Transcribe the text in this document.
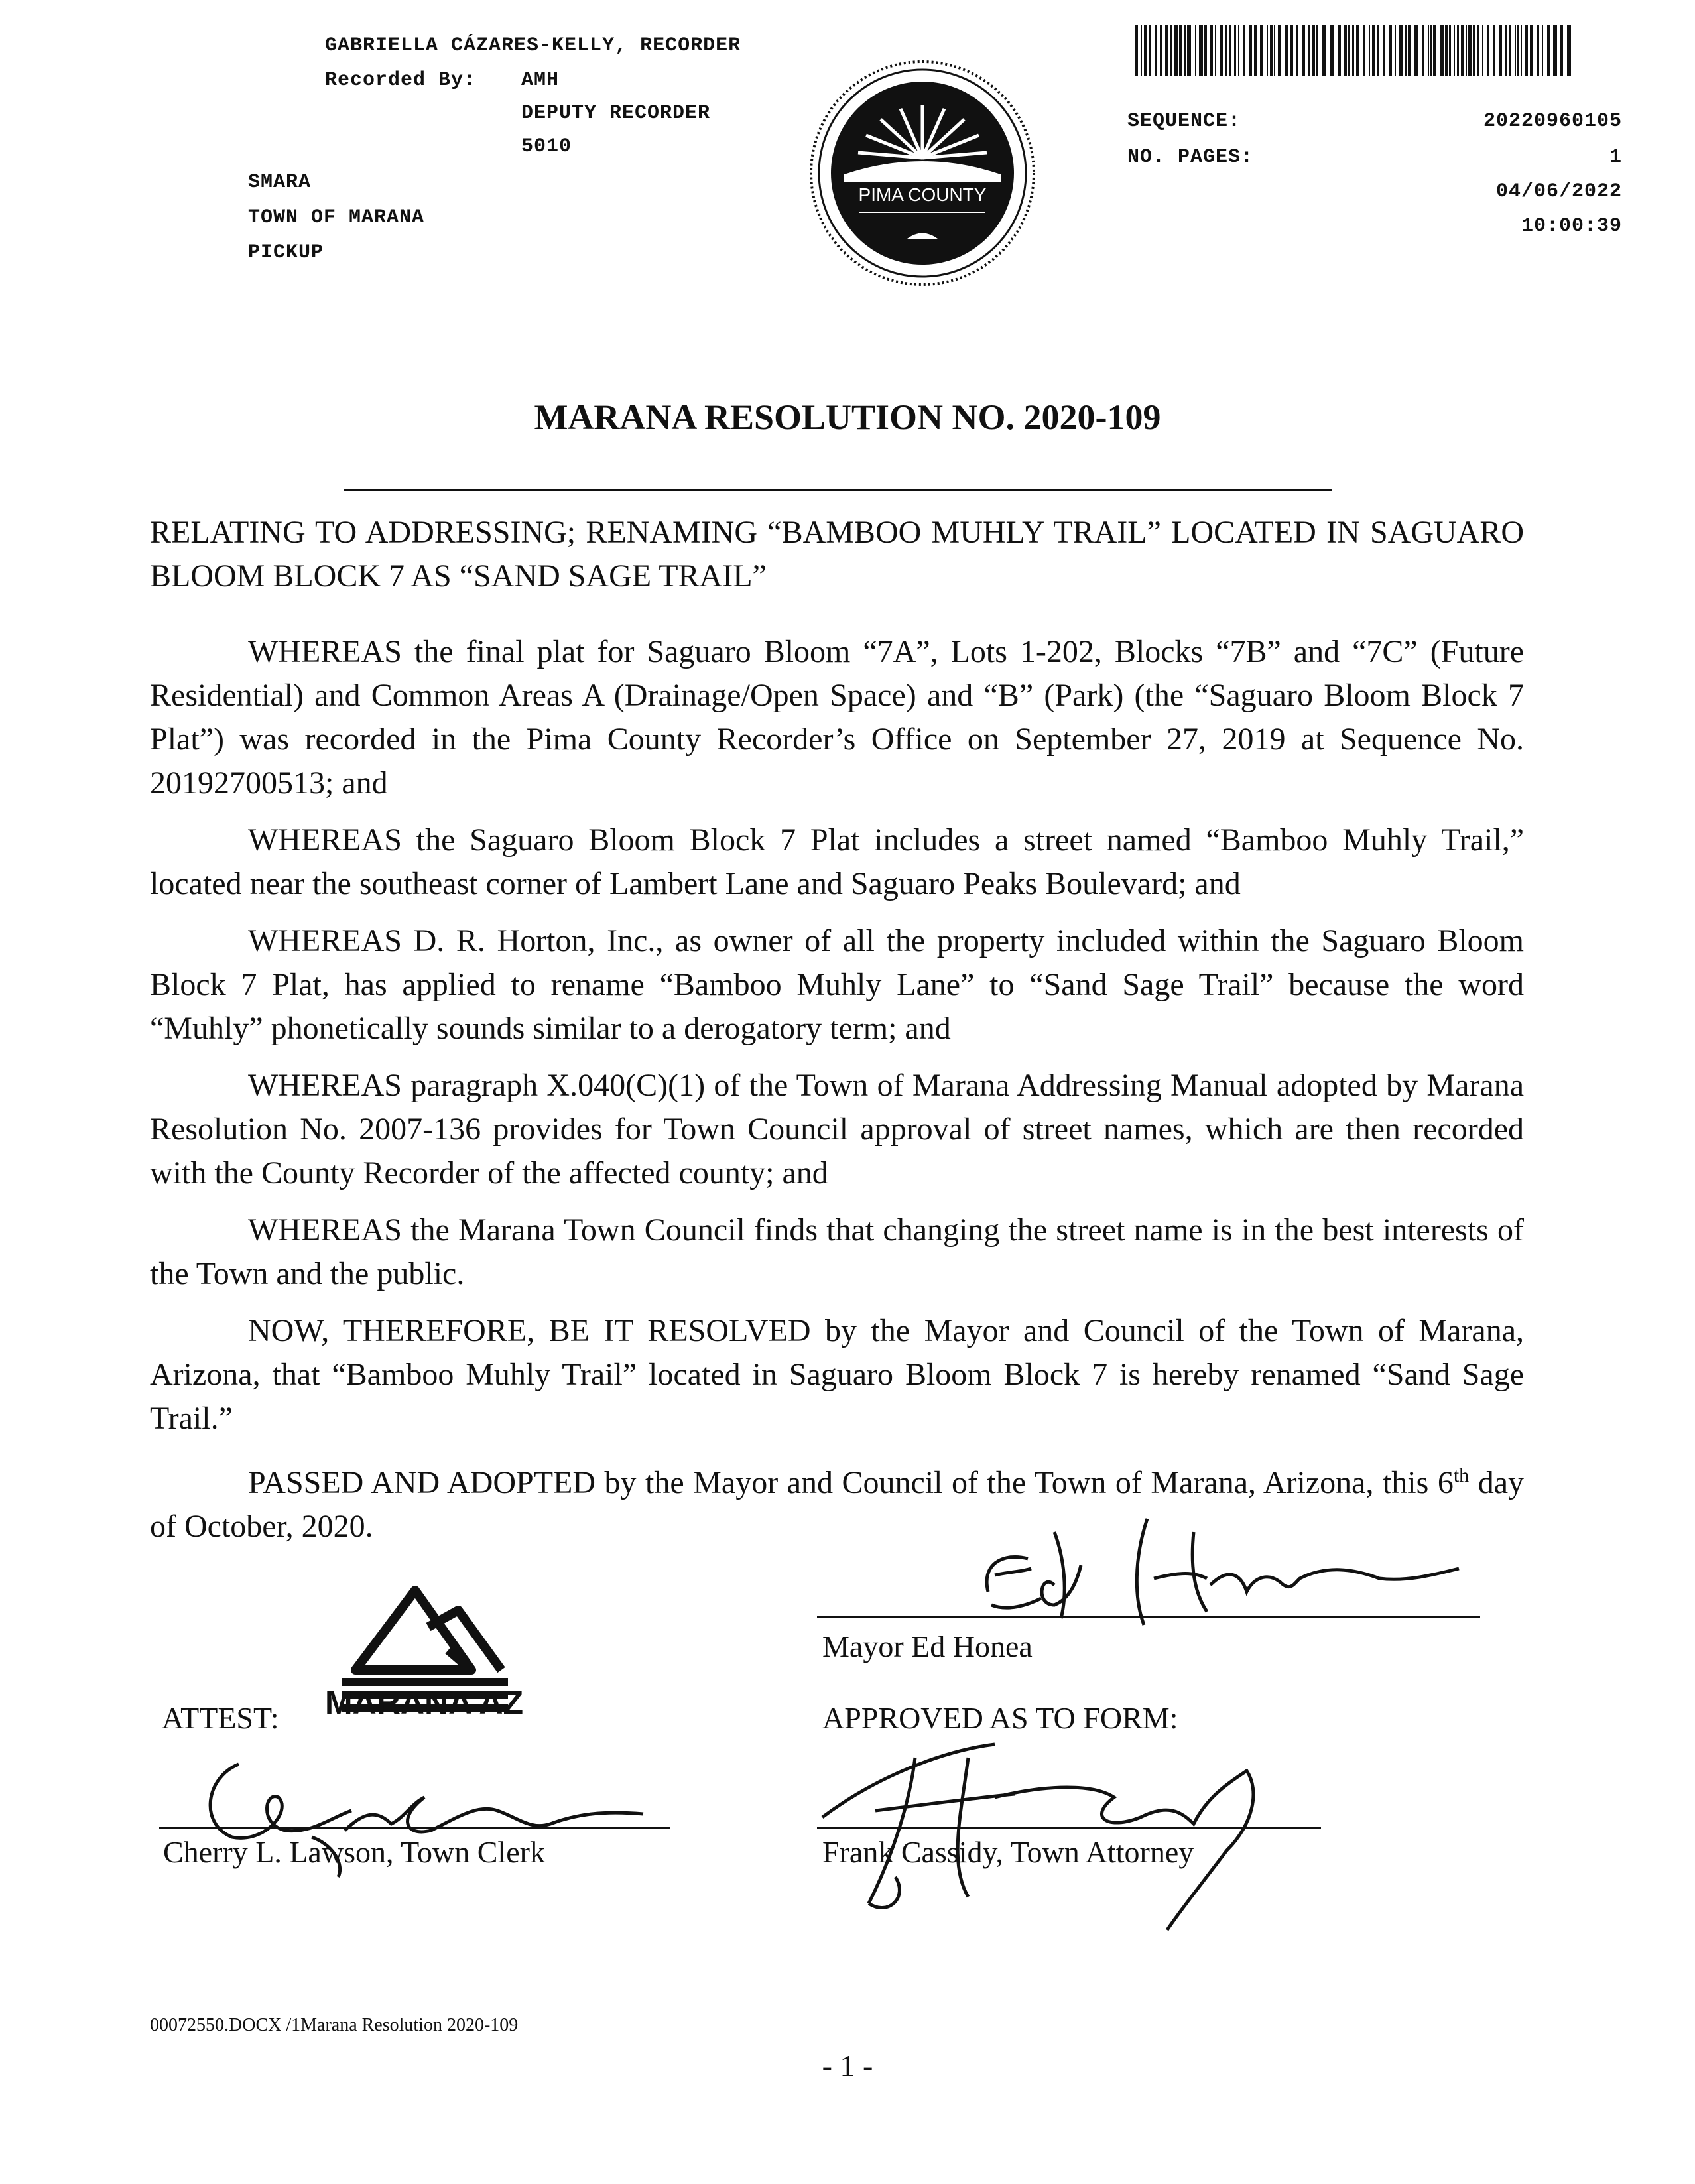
GABRIELLA CÁZARES-KELLY, RECORDER
Recorded By: AMH
DEPUTY RECORDER
5010
SMARA
TOWN OF MARANA
PICKUP
PIMA COUNTY
SEQUENCE:	20220960105
NO. PAGES:	1
04/06/2022
10:00:39
MARANA RESOLUTION NO. 2020-109

RELATING TO ADDRESSING; RENAMING “BAMBOO MUHLY TRAIL” LOCATED IN SAGUARO BLOOM BLOCK 7 AS “SAND SAGE TRAIL”

WHEREAS the final plat for Saguaro Bloom “7A”, Lots 1-202, Blocks “7B” and “7C” (Future Residential) and Common Areas A (Drainage/Open Space) and “B” (Park) (the “Saguaro Bloom Block 7 Plat”) was recorded in the Pima County Recorder’s Office on September 27, 2019 at Sequence No. 20192700513; and

WHEREAS the Saguaro Bloom Block 7 Plat includes a street named “Bamboo Muhly Trail,” located near the southeast corner of Lambert Lane and Saguaro Peaks Boulevard; and

WHEREAS D. R. Horton, Inc., as owner of all the property included within the Saguaro Bloom Block 7 Plat, has applied to rename “Bamboo Muhly Lane” to “Sand Sage Trail” because the word “Muhly” phonetically sounds similar to a derogatory term; and

WHEREAS paragraph X.040(C)(1) of the Town of Marana Addressing Manual adopted by Marana Resolution No. 2007-136 provides for Town Council approval of street names, which are then recorded with the County Recorder of the affected county; and

WHEREAS the Marana Town Council finds that changing the street name is in the best interests of the Town and the public.

NOW, THEREFORE, BE IT RESOLVED by the Mayor and Council of the Town of Marana, Arizona, that “Bamboo Muhly Trail” located in Saguaro Bloom Block 7 is hereby renamed “Sand Sage Trail.”

PASSED AND ADOPTED by the Mayor and Council of the Town of Marana, Arizona, this 6th day of October, 2020.

Mayor Ed Honea
MARANA AZ
ATTEST:
Cherry L. Lawson, Town Clerk
APPROVED AS TO FORM:
Frank Cassidy, Town Attorney
00072550.DOCX /1Marana Resolution 2020-109
- 1 -
